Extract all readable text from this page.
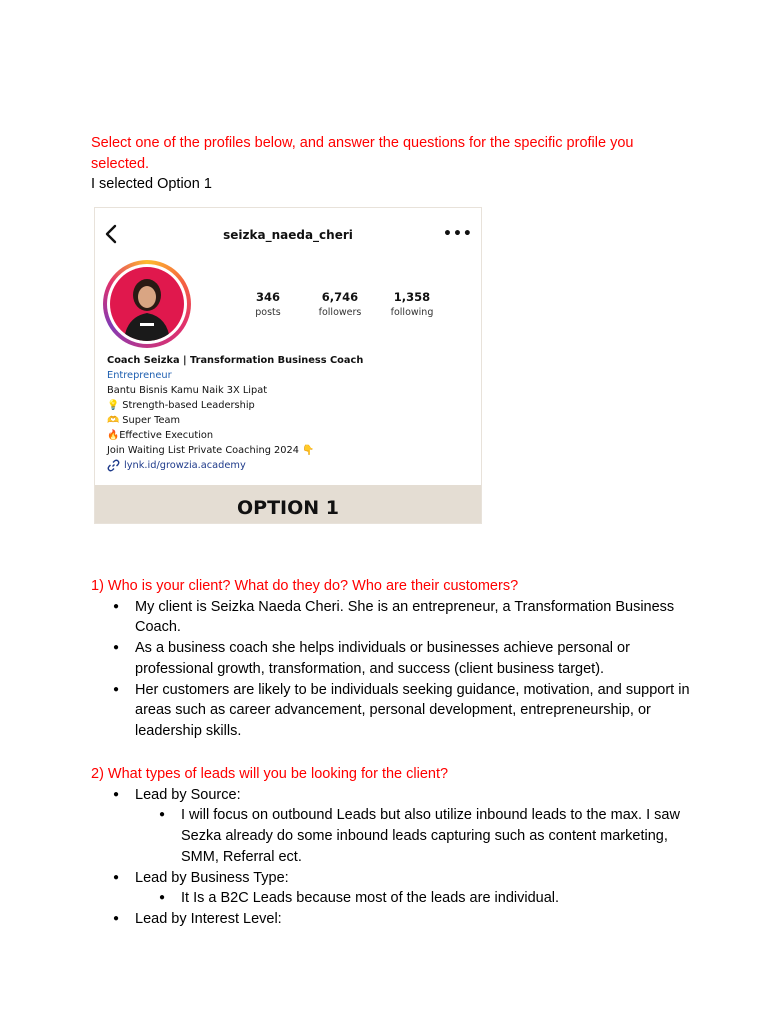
Select one of the profiles below, and answer the questions for the specific profile you selected.

I selected Option 1

seizka_naeda_cheri	•••
346
posts
6,746
followers
1,358
following
Coach Seizka | Transformation Business Coach
Entrepreneur
Bantu Bisnis Kamu Naik 3X Lipat
💡 Strength-based Leadership
🫶 Super Team
🔥Effective Execution
Join Waiting List Private Coaching 2024 👇
lynk.id/growzia.academy
OPTION 1

1) Who is your client? What do they do? Who are their customers?

● My client is Seizka Naeda Cheri. She is an entrepreneur, a Transformation Business Coach.
● As a business coach she helps individuals or businesses achieve personal or professional growth, transformation, and success (client business target).
● Her customers are likely to be individuals seeking guidance, motivation, and support in areas such as career advancement, personal development, entrepreneurship, or leadership skills.

2) What types of leads will you be looking for the client?

● Lead by Source:
● I will focus on outbound Leads but also utilize inbound leads to the max. I saw Sezka already do some inbound leads capturing such as content marketing, SMM, Referral ect.
● Lead by Business Type:
● It Is a B2C Leads because most of the leads are individual.
● Lead by Interest Level:
